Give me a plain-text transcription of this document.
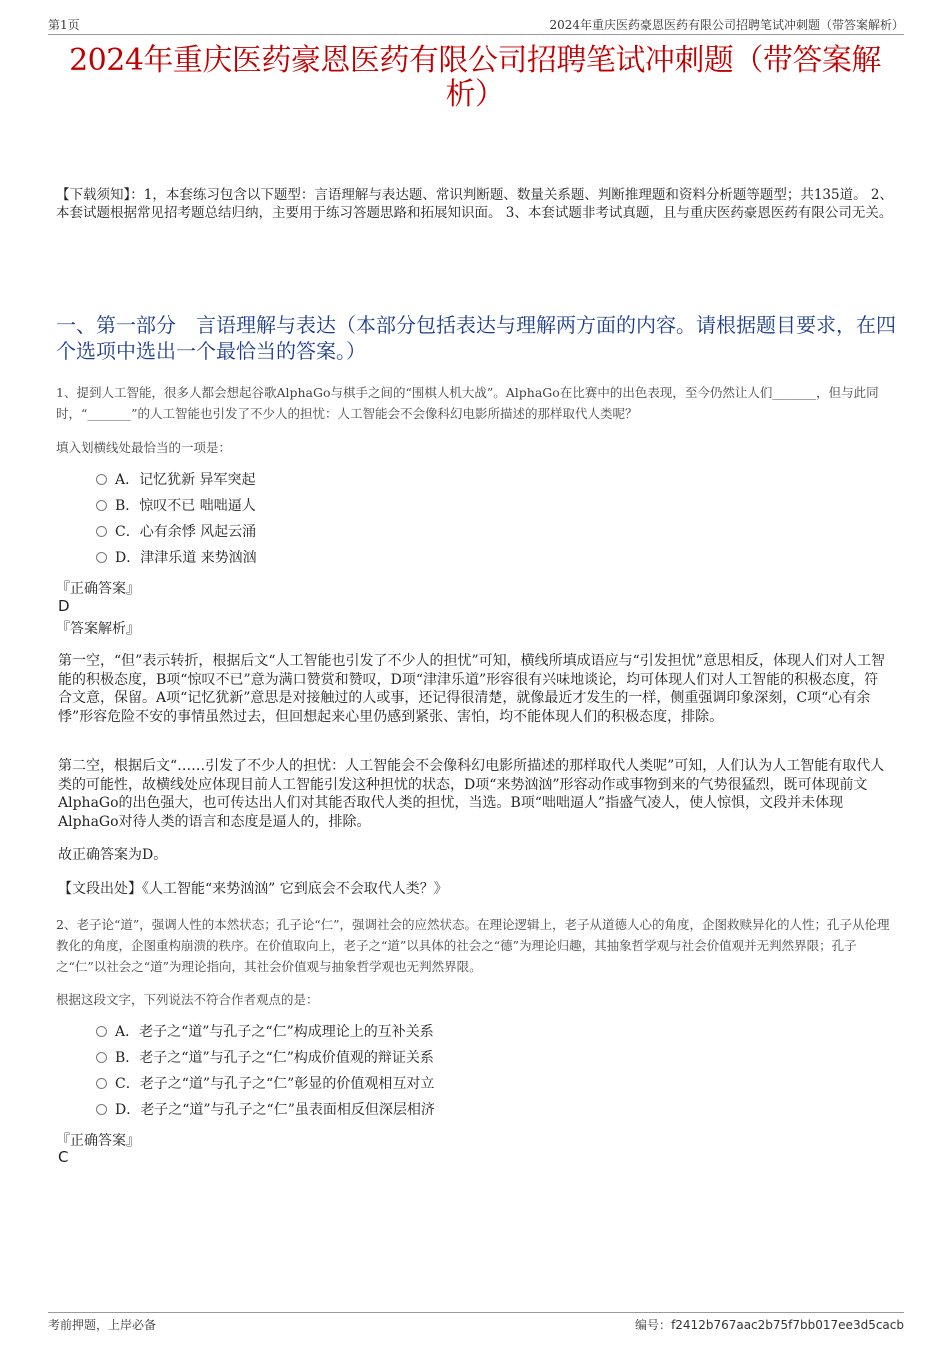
第1页	2024年重庆医药豪恩医药有限公司招聘笔试冲刺题（带答案解析）
2024年重庆医药豪恩医药有限公司招聘笔试冲刺题（带答案解析）
【下载须知】：1，本套练习包含以下题型：言语理解与表达题、常识判断题、数量关系题、判断推理题和资料分析题等题型；共135道。 2、本套试题根据常见招考题总结归纳，主要用于练习答题思路和拓展知识面。 3、本套试题非考试真题，且与重庆医药豪恩医药有限公司无关。
一、第一部分　言语理解与表达（本部分包括表达与理解两方面的内容。请根据题目要求，在四个选项中选出一个最恰当的答案。）
1、提到人工智能，很多人都会想起谷歌AlphaGo与棋手之间的“围棋人机大战”。AlphaGo在比赛中的出色表现，至今仍然让人们_______，但与此同时，“_______”的人工智能也引发了不少人的担忧：人工智能会不会像科幻电影所描述的那样取代人类呢？
填入划横线处最恰当的一项是：
A．记忆犹新 异军突起
B．惊叹不已 咄咄逼人
C．心有余悸 风起云涌
D．津津乐道 来势汹汹
『正确答案』
D
『答案解析』
第一空，“但”表示转折，根据后文“人工智能也引发了不少人的担忧”可知，横线所填成语应与“引发担忧”意思相反，体现人们对人工智能的积极态度，B项“惊叹不已”意为满口赞赏和赞叹，D项“津津乐道”形容很有兴味地谈论，均可体现人们对人工智能的积极态度，符合文意，保留。A项“记忆犹新”意思是对接触过的人或事，还记得很清楚，就像最近才发生的一样，侧重强调印象深刻，C项“心有余悸”形容危险不安的事情虽然过去，但回想起来心里仍感到紧张、害怕，均不能体现人们的积极态度，排除。
第二空，根据后文“……引发了不少人的担忧：人工智能会不会像科幻电影所描述的那样取代人类呢”可知，人们认为人工智能有取代人类的可能性，故横线处应体现目前人工智能引发这种担忧的状态，D项“来势汹汹”形容动作或事物到来的气势很猛烈，既可体现前文AlphaGo的出色强大，也可传达出人们对其能否取代人类的担忧，当选。B项“咄咄逼人”指盛气凌人，使人惊惧，文段并未体现AlphaGo对待人类的语言和态度是逼人的，排除。
故正确答案为D。
【文段出处】《人工智能“来势汹汹” 它到底会不会取代人类？》
2、老子论“道”，强调人性的本然状态；孔子论“仁”，强调社会的应然状态。在理论逻辑上，老子从道德人心的角度，企图救赎异化的人性；孔子从伦理教化的角度，企图重构崩溃的秩序。在价值取向上，老子之“道”以具体的社会之“德”为理论归趣，其抽象哲学观与社会价值观并无判然界限；孔子之“仁”以社会之“道”为理论指向，其社会价值观与抽象哲学观也无判然界限。
根据这段文字，下列说法不符合作者观点的是：
A．老子之“道”与孔子之“仁”构成理论上的互补关系
B．老子之“道”与孔子之“仁”构成价值观的辩证关系
C．老子之“道”与孔子之“仁”彰显的价值观相互对立
D．老子之“道”与孔子之“仁”虽表面相反但深层相济
『正确答案』
C
考前押题，上岸必备	编号：f2412b767aac2b75f7bb017ee3d5cacb
